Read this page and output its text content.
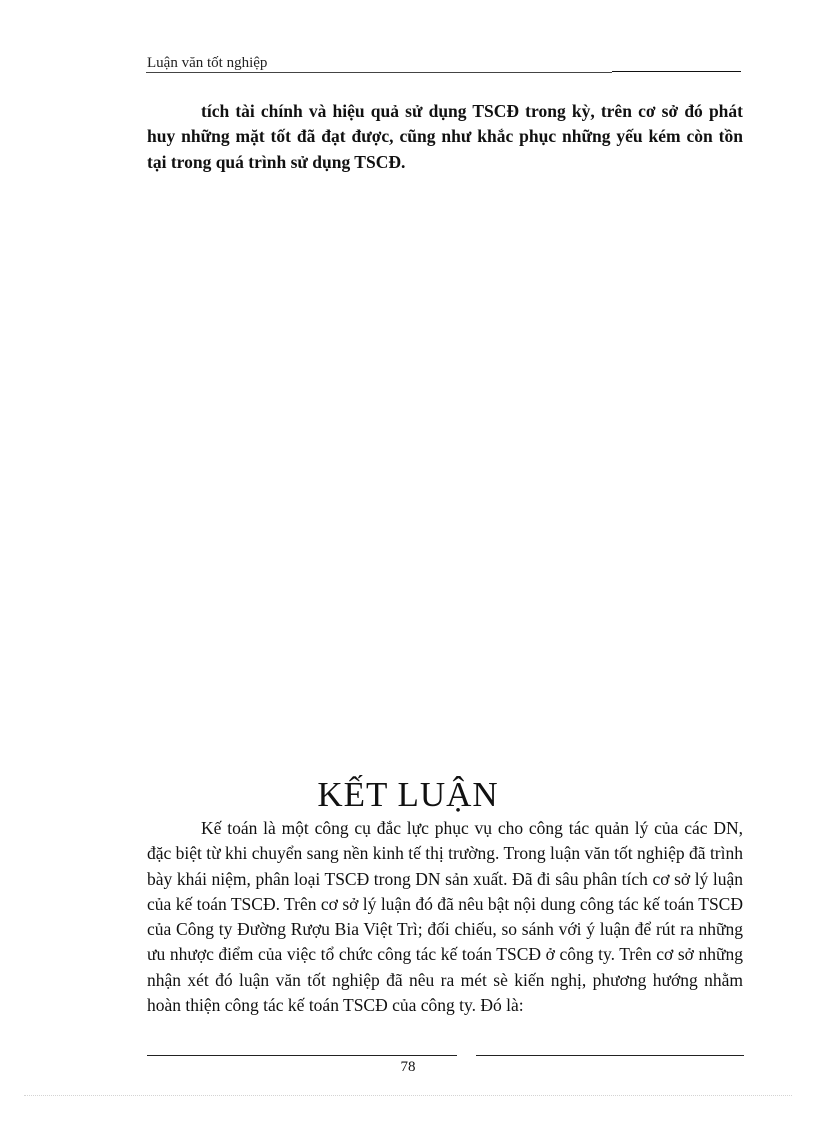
Luận văn tốt nghiệp

tích tài chính và hiệu quả sử dụng TSCĐ trong kỳ, trên cơ sở đó phát huy những mặt tốt đã đạt được, cũng như khắc phục những yếu kém còn tồn tại trong quá trình sử dụng TSCĐ.

KẾT LUẬN

Kế toán là một công cụ đắc lực phục vụ cho công tác quản lý của các DN, đặc biệt từ khi chuyển sang nền kinh tế thị trường. Trong luận văn tốt nghiệp đã trình bày khái niệm, phân loại TSCĐ trong DN sản xuất. Đã đi sâu phân tích cơ sở lý luận của kế toán TSCĐ. Trên cơ sở lý luận đó đã nêu bật nội dung công tác kế toán TSCĐ của Công ty Đường Rượu Bia Việt Trì; đối chiếu, so sánh với ý luận để rút ra những ưu nhược điểm của việc tổ chức công tác kế toán TSCĐ ở công ty. Trên cơ sở những nhận xét đó luận văn tốt nghiệp đã nêu ra mét sè kiến nghị, phương hướng nhằm hoàn thiện công tác kế toán TSCĐ của công ty. Đó là:

78
